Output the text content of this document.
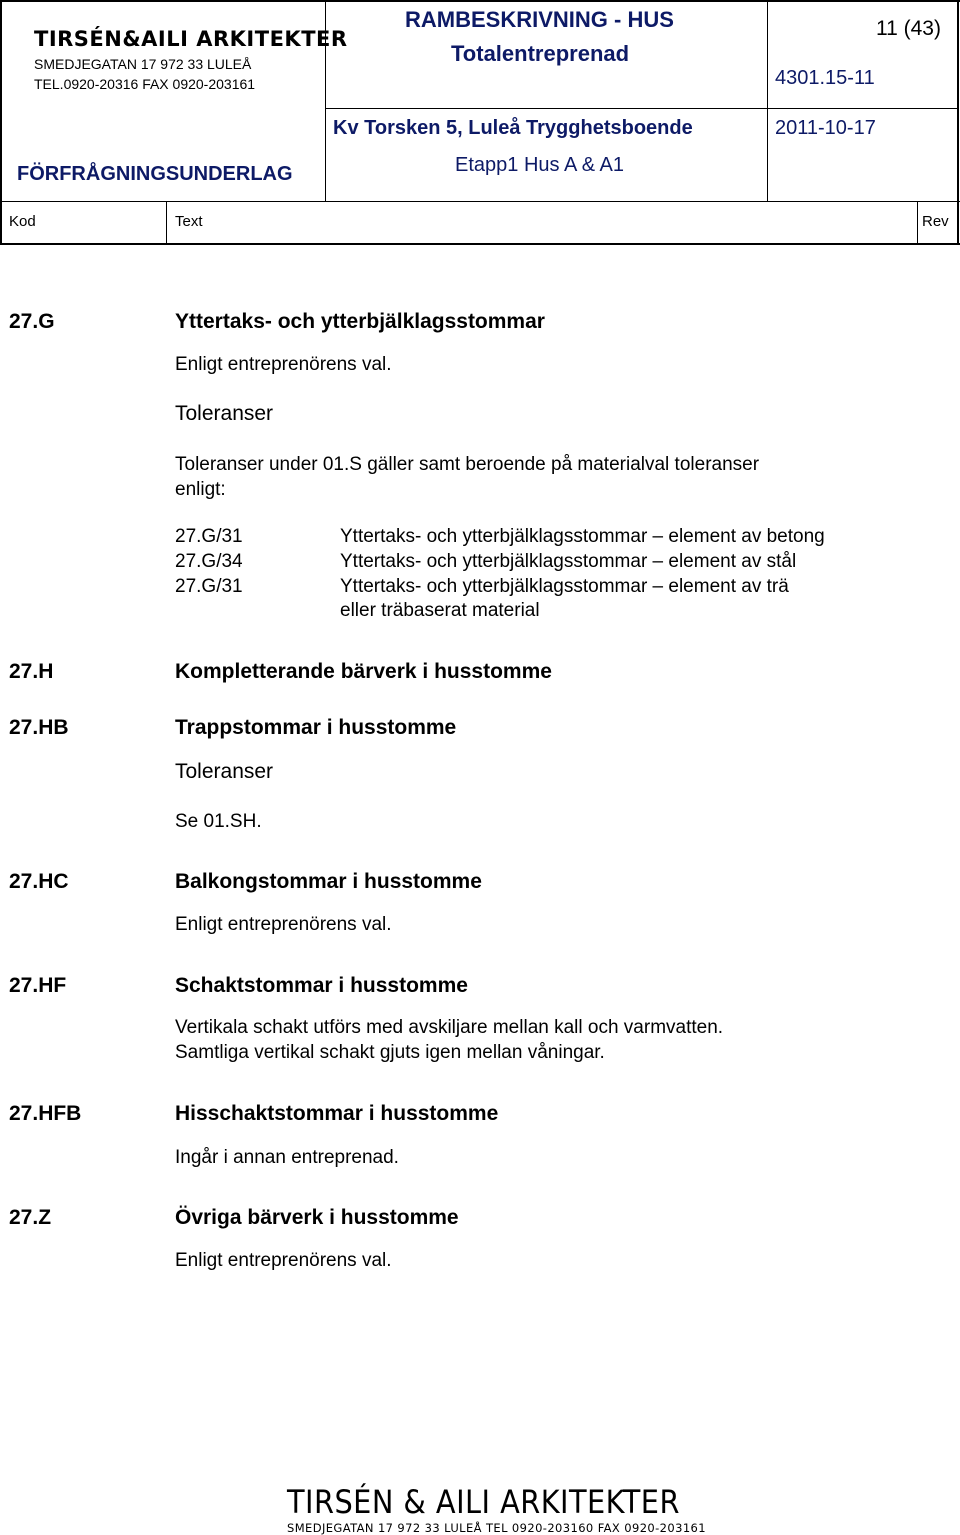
TIRSÉN&AILI ARKITEKTER
SMEDJEGATAN 17 972 33 LULEÅ
TEL.0920-20316 FAX 0920-203161
RAMBESKRIVNING - HUS
Totalentreprenad
11 (43)
4301.15-11
Kv Torsken 5, Luleå Trygghetsboende	2011-10-17
FÖRFRÅGNINGSUNDERLAG	Etapp1 Hus A & A1
Kod	Text	Rev
27.G	Yttertaks- och ytterbjälklagsstommar
Enligt entreprenörens val.
Toleranser
Toleranser under 01.S gäller samt beroende på materialval toleranser
enligt:
27.G/31	Yttertaks- och ytterbjälklagsstommar – element av betong
27.G/34	Yttertaks- och ytterbjälklagsstommar – element av stål
27.G/31	Yttertaks- och ytterbjälklagsstommar – element av trä
eller träbaserat material
27.H	Kompletterande bärverk i husstomme
27.HB	Trappstommar i husstomme
Toleranser
Se 01.SH.
27.HC	Balkongstommar i husstomme
Enligt entreprenörens val.
27.HF	Schaktstommar i husstomme
Vertikala schakt utförs med avskiljare mellan kall och varmvatten.
Samtliga vertikal schakt gjuts igen mellan våningar.
27.HFB	Hisschaktstommar i husstomme
Ingår i annan entreprenad.
27.Z	Övriga bärverk i husstomme
Enligt entreprenörens val.
TIRSÉN & AILI ARKITEKTER
SMEDJEGATAN 17 972 33 LULEÅ TEL 0920-203160 FAX 0920-203161
